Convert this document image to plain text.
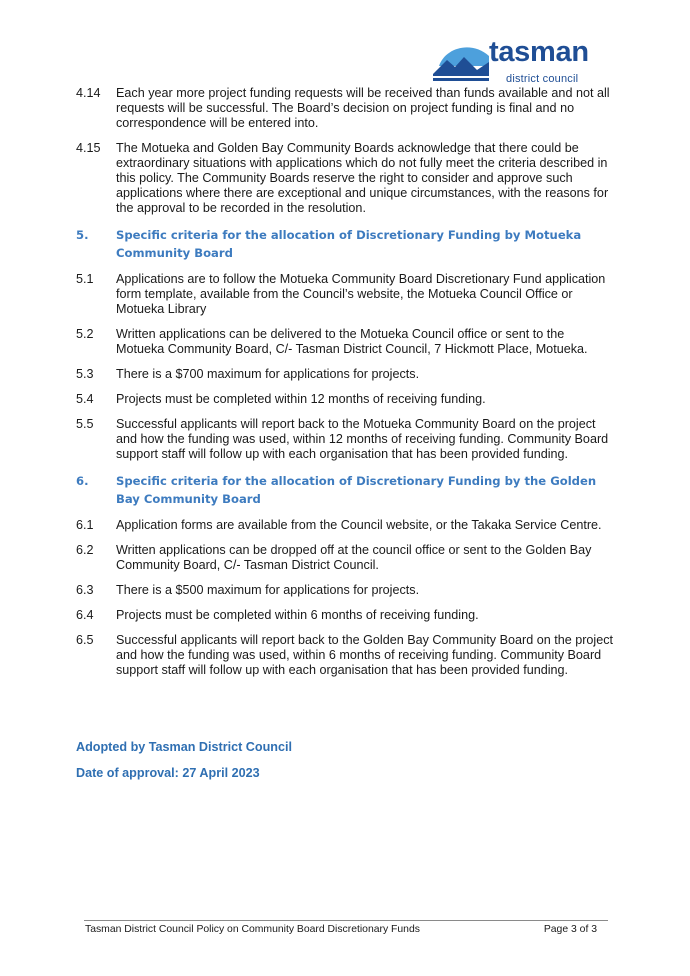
tasman
district council
4.14	Each year more project funding requests will be received than funds available and not all requests will be successful. The Board’s decision on project funding is final and no correspondence will be entered into.
4.15	The Motueka and Golden Bay Community Boards acknowledge that there could be extraordinary situations with applications which do not fully meet the criteria described in this policy. The Community Boards reserve the right to consider and approve such applications where there are exceptional and unique circumstances, with the reasons for the approval to be recorded in the resolution.
5.	Specific criteria for the allocation of Discretionary Funding by Motueka Community Board
5.1	Applications are to follow the Motueka Community Board Discretionary Fund application form template, available from the Council’s website, the Motueka Council Office or Motueka Library
5.2	Written applications can be delivered to the Motueka Council office or sent to the Motueka Community Board, C/- Tasman District Council, 7 Hickmott Place, Motueka.
5.3	There is a $700 maximum for applications for projects.
5.4	Projects must be completed within 12 months of receiving funding.
5.5	Successful applicants will report back to the Motueka Community Board on the project and how the funding was used, within 12 months of receiving funding. Community Board support staff will follow up with each organisation that has been provided funding.
6.	Specific criteria for the allocation of Discretionary Funding by the Golden Bay Community Board
6.1	Application forms are available from the Council website, or the Takaka Service Centre.
6.2	Written applications can be dropped off at the council office or sent to the Golden Bay Community Board, C/- Tasman District Council.
6.3	There is a $500 maximum for applications for projects.
6.4	Projects must be completed within 6 months of receiving funding.
6.5	Successful applicants will report back to the Golden Bay Community Board on the project and how the funding was used, within 6 months of receiving funding. Community Board support staff will follow up with each organisation that has been provided funding.
Adopted by Tasman District Council
Date of approval: 27 April 2023
Tasman District Council Policy on Community Board Discretionary Funds	Page 3 of 3
